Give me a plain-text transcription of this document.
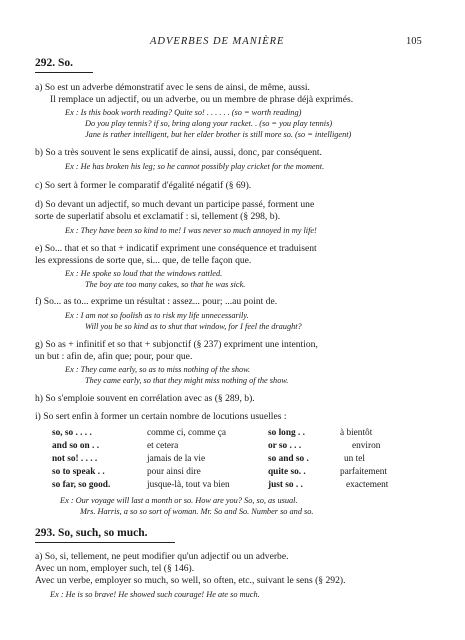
ADVERBES DE MANIÈRE	105
292. So.
a) So est un adverbe démonstratif avec le sens de ainsi, de même, aussi.
Il remplace un adjectif, ou un adverbe, ou un membre de phrase déjà exprimés.
Ex : Is this book worth reading? Quite so! . . . . . . (so = worth reading)
Do you play tennis? if so, bring along your racket. . (so = you play tennis)
Jane is rather intelligent, but her elder brother is still more so. (so = intelligent)
b) So a très souvent le sens explicatif de ainsi, aussi, donc, par conséquent.
Ex : He has broken his leg; so he cannot possibly play cricket for the moment.
c) So sert à former le comparatif d'égalité négatif (§ 69).
d) So devant un adjectif, so much devant un participe passé, forment une
sorte de superlatif absolu et exclamatif : si, tellement (§ 298, b).
Ex : They have been so kind to me! I was never so much annoyed in my life!
e) So... that et so that + indicatif expriment une conséquence et traduisent
les expressions de sorte que, si... que, de telle façon que.
Ex : He spoke so loud that the windows rattled.
The boy ate too many cakes, so that he was sick.
f) So... as to... exprime un résultat : assez... pour; ...au point de.
Ex : I am not so foolish as to risk my life unnecessarily.
Will you be so kind as to shut that window, for I feel the draught?
g) So as + infinitif et so that + subjonctif (§ 237) expriment une intention,
un but : afin de, afin que; pour, pour que.
Ex : They came early, so as to miss nothing of the show.
They came early, so that they might miss nothing of the show.
h) So s'emploie souvent en corrélation avec as (§ 289, b).
i) So sert enfin à former un certain nombre de locutions usuelles :
so, so . . . .	comme ci, comme ça	so long . .	à bientôt
and so on . .	et cetera	or so . . .	environ
not so! . . . .	jamais de la vie	so and so .	un tel
so to speak . .	pour ainsi dire	quite so. .	parfaitement
so far, so good.	jusque-là, tout va bien	just so . .	exactement
Ex : Our voyage will last a month or so. How are you? So, so, as usual.
Mrs. Harris, a so so sort of woman. Mr. So and So. Number so and so.
293. So, such, so much.
a) So, si, tellement, ne peut modifier qu'un adjectif ou un adverbe.
Avec un nom, employer such, tel (§ 146).
Avec un verbe, employer so much, so well, so often, etc., suivant le sens (§ 292).
Ex : He is so brave! He showed such courage! He ate so much.
